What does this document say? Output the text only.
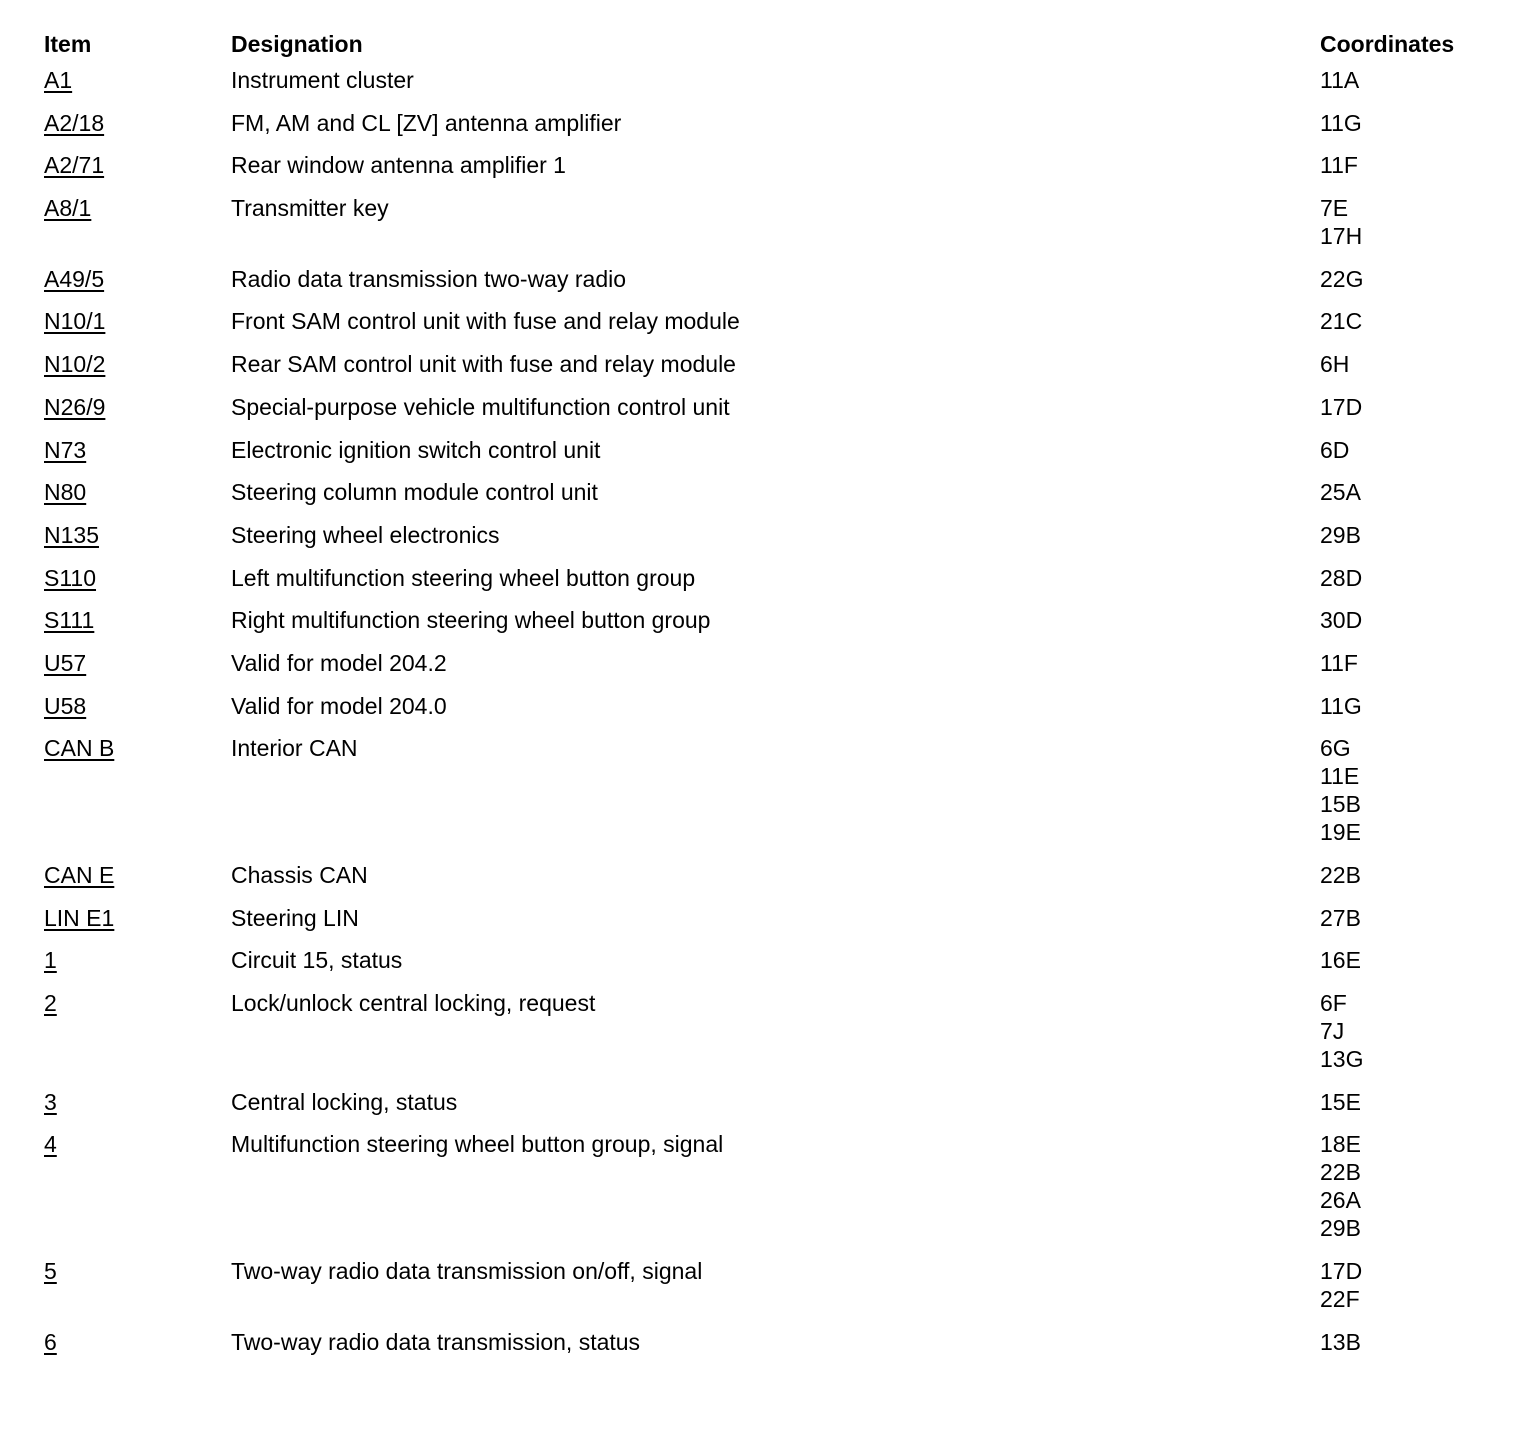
Item	Designation	Coordinates
A1	Instrument cluster	11A
A2/18	FM, AM and CL [ZV] antenna amplifier	11G
A2/71	Rear window antenna amplifier 1	11F
A8/1	Transmitter key	7E
17H
A49/5	Radio data transmission two-way radio	22G
N10/1	Front SAM control unit with fuse and relay module	21C
N10/2	Rear SAM control unit with fuse and relay module	6H
N26/9	Special-purpose vehicle multifunction control unit	17D
N73	Electronic ignition switch control unit	6D
N80	Steering column module control unit	25A
N135	Steering wheel electronics	29B
S110	Left multifunction steering wheel button group	28D
S111	Right multifunction steering wheel button group	30D
U57	Valid for model 204.2	11F
U58	Valid for model 204.0	11G
CAN B	Interior CAN	6G
11E
15B
19E
CAN E	Chassis CAN	22B
LIN E1	Steering LIN	27B
1	Circuit 15, status	16E
2	Lock/unlock central locking, request	6F
7J
13G
3	Central locking, status	15E
4	Multifunction steering wheel button group, signal	18E
22B
26A
29B
5	Two-way radio data transmission on/off, signal	17D
22F
6	Two-way radio data transmission, status	13B
